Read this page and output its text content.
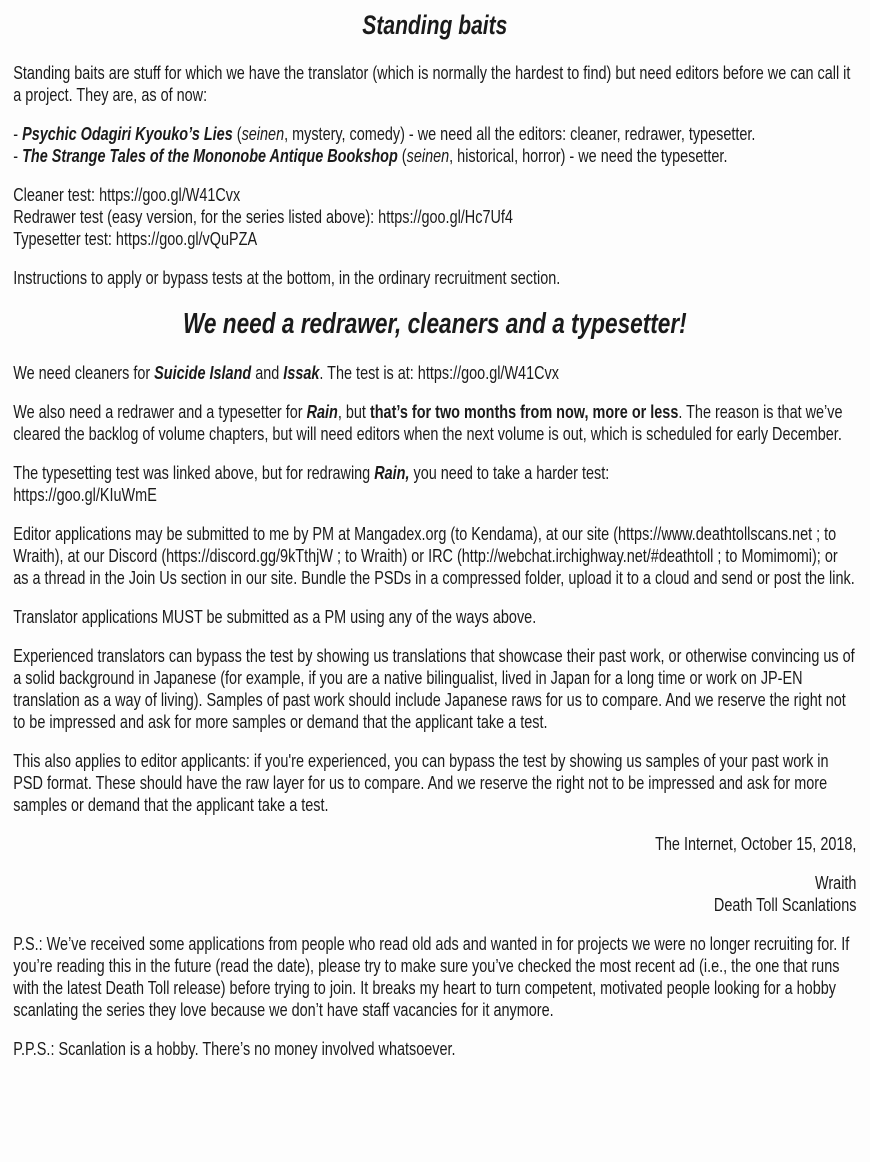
Standing baits

Standing baits are stuff for which we have the translator (which is normally the hardest to find) but need editors before we can call it a project. They are, as of now:

- Psychic Odagiri Kyouko’s Lies (seinen, mystery, comedy) - we need all the editors: cleaner, redrawer, typesetter.

- The Strange Tales of the Mononobe Antique Bookshop (seinen, historical, horror) - we need the typesetter.

Cleaner test: https://goo.gl/W41Cvx
Redrawer test (easy version, for the series listed above): https://goo.gl/Hc7Uf4
Typesetter test: https://goo.gl/vQuPZA

Instructions to apply or bypass tests at the bottom, in the ordinary recruitment section.

We need a redrawer, cleaners and a typesetter!

We need cleaners for Suicide Island and Issak. The test is at: https://goo.gl/W41Cvx

We also need a redrawer and a typesetter for Rain, but that’s for two months from now, more or less. The reason is that we’ve cleared the backlog of volume chapters, but will need editors when the next volume is out, which is scheduled for early December.

The typesetting test was linked above, but for redrawing Rain, you need to take a harder test:
https://goo.gl/KIuWmE

Editor applications may be submitted to me by PM at Mangadex.org (to Kendama), at our site (https://www.deathtollscans.net ; to Wraith), at our Discord (https://discord.gg/9kTthjW ; to Wraith) or IRC (http://webchat.irchighway.net/#deathtoll ; to Momimomi); or as a thread in the Join Us section in our site. Bundle the PSDs in a compressed folder, upload it to a cloud and send or post the link.

Translator applications MUST be submitted as a PM using any of the ways above.

Experienced translators can bypass the test by showing us translations that showcase their past work, or otherwise convincing us of a solid background in Japanese (for example, if you are a native bilingualist, lived in Japan for a long time or work on JP-EN translation as a way of living). Samples of past work should include Japanese raws for us to compare. And we reserve the right not to be impressed and ask for more samples or demand that the applicant take a test.

This also applies to editor applicants: if you're experienced, you can bypass the test by showing us samples of your past work in PSD format. These should have the raw layer for us to compare. And we reserve the right not to be impressed and ask for more samples or demand that the applicant take a test.

The Internet, October 15, 2018,

Wraith
Death Toll Scanlations

P.S.: We’ve received some applications from people who read old ads and wanted in for projects we were no longer recruiting for. If you’re reading this in the future (read the date), please try to make sure you’ve checked the most recent ad (i.e., the one that runs with the latest Death Toll release) before trying to join. It breaks my heart to turn competent, motivated people looking for a hobby scanlating the series they love because we don’t have staff vacancies for it anymore.

P.P.S.: Scanlation is a hobby. There’s no money involved whatsoever.
